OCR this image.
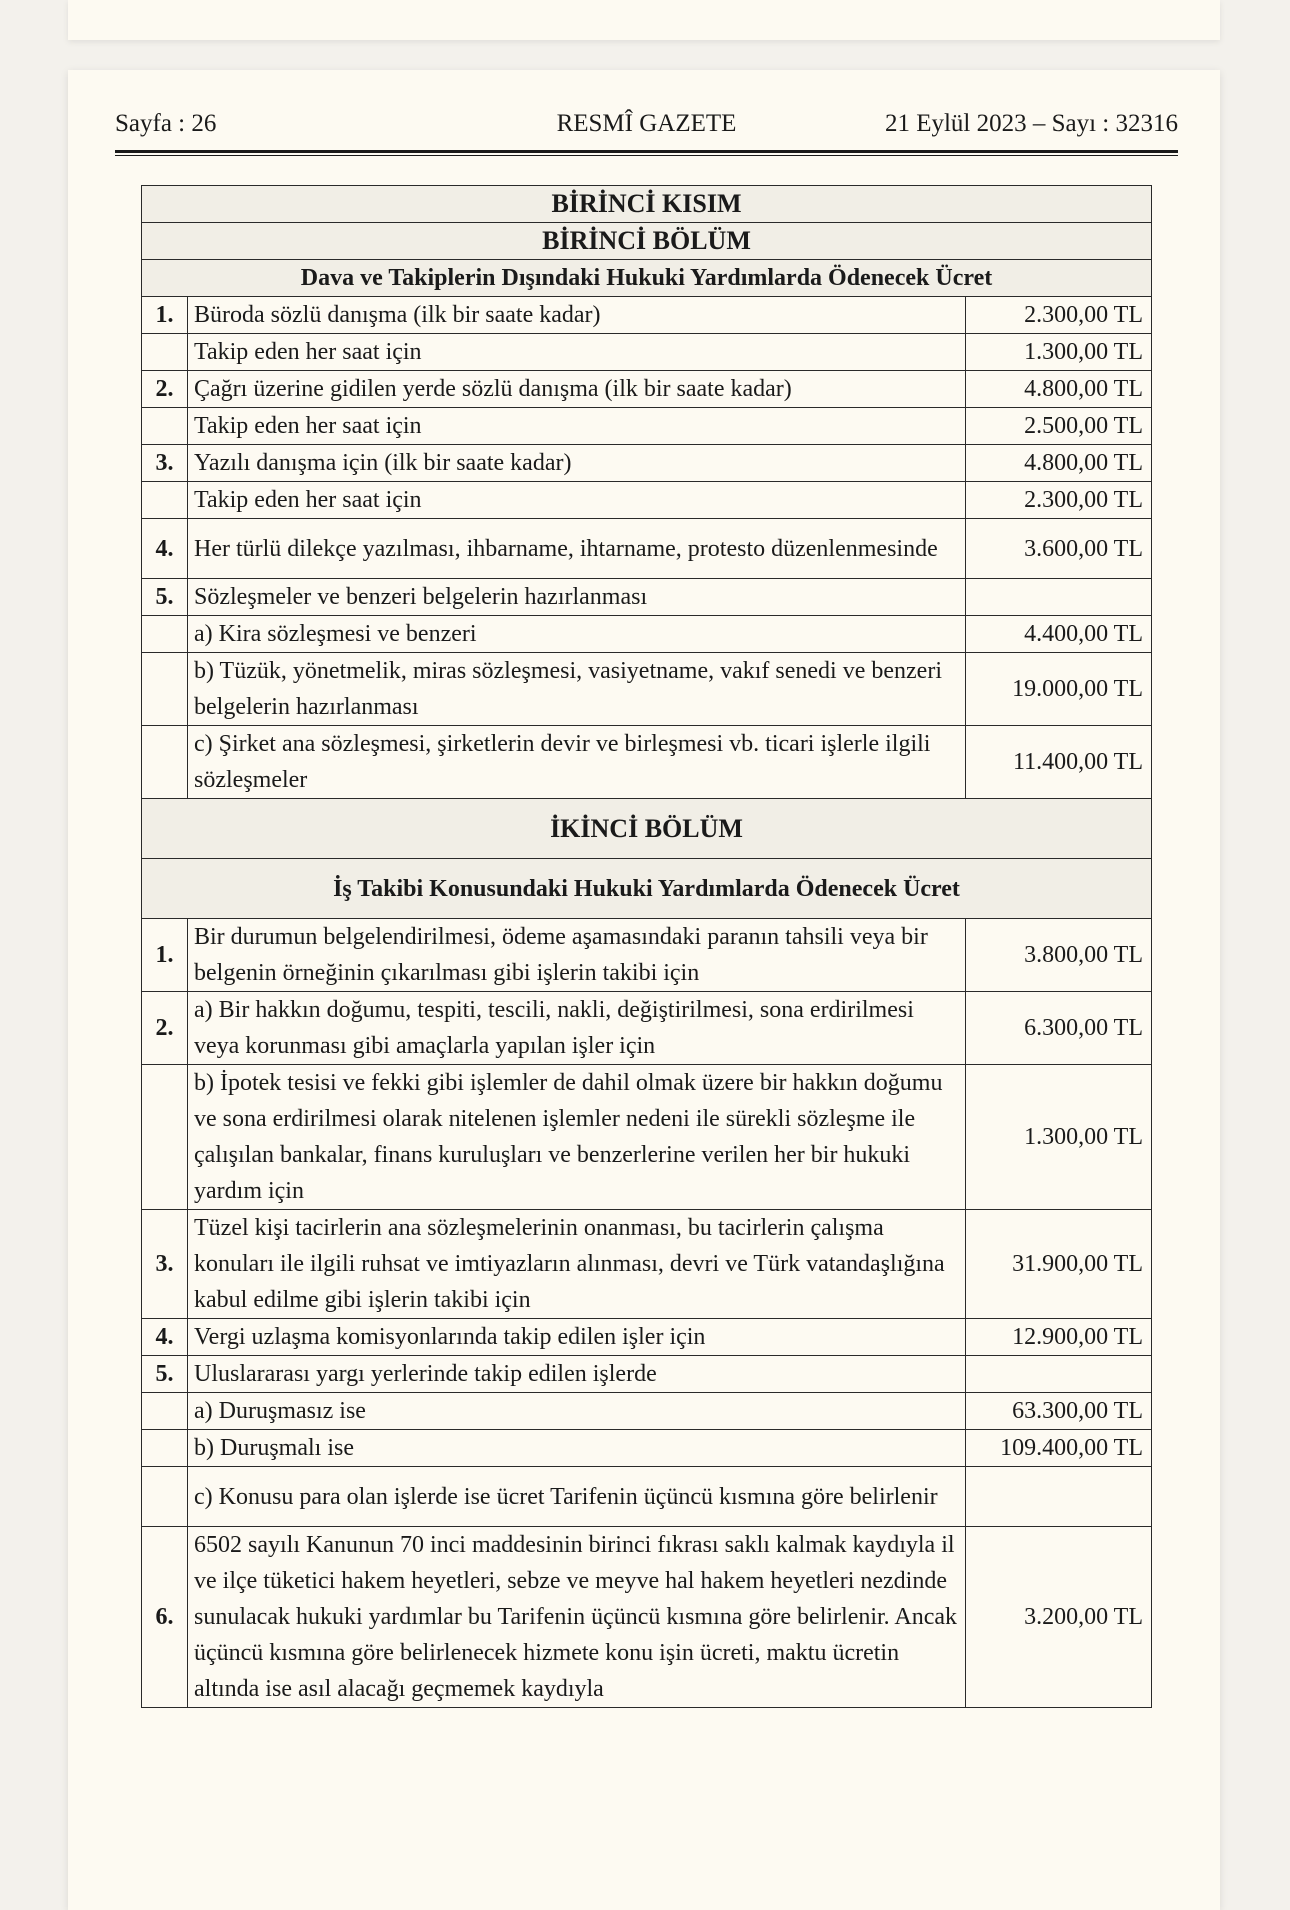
Sayfa : 26	RESMÎ GAZETE	21 Eylül 2023 – Sayı : 32316
BİRİNCİ KISIM		
BİRİNCİ BÖLÜM		
Dava ve Takiplerin Dışındaki Hukuki Yardımlarda Ödenecek Ücret		
1.	Büroda sözlü danışma (ilk bir saate kadar)	2.300,00 TL
	Takip eden her saat için	1.300,00 TL
2.	Çağrı üzerine gidilen yerde sözlü danışma (ilk bir saate kadar)	4.800,00 TL
	Takip eden her saat için	2.500,00 TL
3.	Yazılı danışma için (ilk bir saate kadar)	4.800,00 TL
	Takip eden her saat için	2.300,00 TL
4.	Her türlü dilekçe yazılması, ihbarname, ihtarname, protesto düzenlenmesinde	3.600,00 TL
5.	Sözleşmeler ve benzeri belgelerin hazırlanması	
	a) Kira sözleşmesi ve benzeri	4.400,00 TL
	b) Tüzük, yönetmelik, miras sözleşmesi, vasiyetname, vakıf senedi ve benzeri belgelerin hazırlanması	19.000,00 TL
	c) Şirket ana sözleşmesi, şirketlerin devir ve birleşmesi vb. ticari işlerle ilgili sözleşmeler	11.400,00 TL
İKİNCİ BÖLÜM		
İş Takibi Konusundaki Hukuki Yardımlarda Ödenecek Ücret		
1.	Bir durumun belgelendirilmesi, ödeme aşamasındaki paranın tahsili veya bir belgenin örneğinin çıkarılması gibi işlerin takibi için	3.800,00 TL
2.	a) Bir hakkın doğumu, tespiti, tescili, nakli, değiştirilmesi, sona erdirilmesi veya korunması gibi amaçlarla yapılan işler için	6.300,00 TL
	b) İpotek tesisi ve fekki gibi işlemler de dahil olmak üzere bir hakkın doğumu ve sona erdirilmesi olarak nitelenen işlemler nedeni ile sürekli sözleşme ile çalışılan bankalar, finans kuruluşları ve benzerlerine verilen her bir hukuki yardım için	1.300,00 TL
3.	Tüzel kişi tacirlerin ana sözleşmelerinin onanması, bu tacirlerin çalışma konuları ile ilgili ruhsat ve imtiyazların alınması, devri ve Türk vatandaşlığına kabul edilme gibi işlerin takibi için	31.900,00 TL
4.	Vergi uzlaşma komisyonlarında takip edilen işler için	12.900,00 TL
5.	Uluslararası yargı yerlerinde takip edilen işlerde	
	a) Duruşmasız ise	63.300,00 TL
	b) Duruşmalı ise	109.400,00 TL
	c) Konusu para olan işlerde ise ücret Tarifenin üçüncü kısmına göre belirlenir	
6.	6502 sayılı Kanunun 70 inci maddesinin birinci fıkrası saklı kalmak kaydıyla il ve ilçe tüketici hakem heyetleri, sebze ve meyve hal hakem heyetleri nezdinde sunulacak hukuki yardımlar bu Tarifenin üçüncü kısmına göre belirlenir. Ancak üçüncü kısmına göre belirlenecek hizmete konu işin ücreti, maktu ücretin altında ise asıl alacağı geçmemek kaydıyla	3.200,00 TL
